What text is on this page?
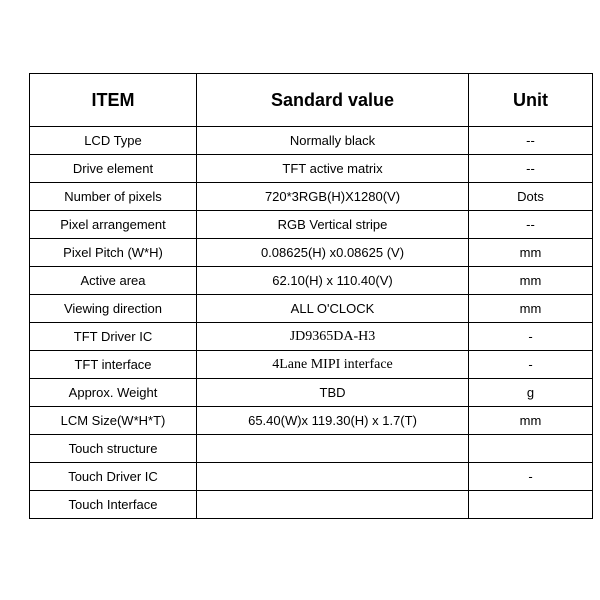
ITEM	Sandard value	Unit
LCD Type	Normally black	--
Drive element	TFT active matrix	--
Number of pixels	720*3RGB(H)X1280(V)	Dots
Pixel arrangement	RGB Vertical stripe	--
Pixel Pitch (W*H)	0.08625(H) x0.08625 (V)	mm
Active area	62.10(H) x 110.40(V)	mm
Viewing direction	ALL O'CLOCK	mm
TFT Driver IC	JD9365DA-H3	-
TFT interface	4Lane MIPI interface	-
Approx. Weight	TBD	g
LCM Size(W*H*T)	65.40(W)x 119.30(H) x 1.7(T)	mm
Touch structure		
Touch Driver IC		-
Touch Interface		
